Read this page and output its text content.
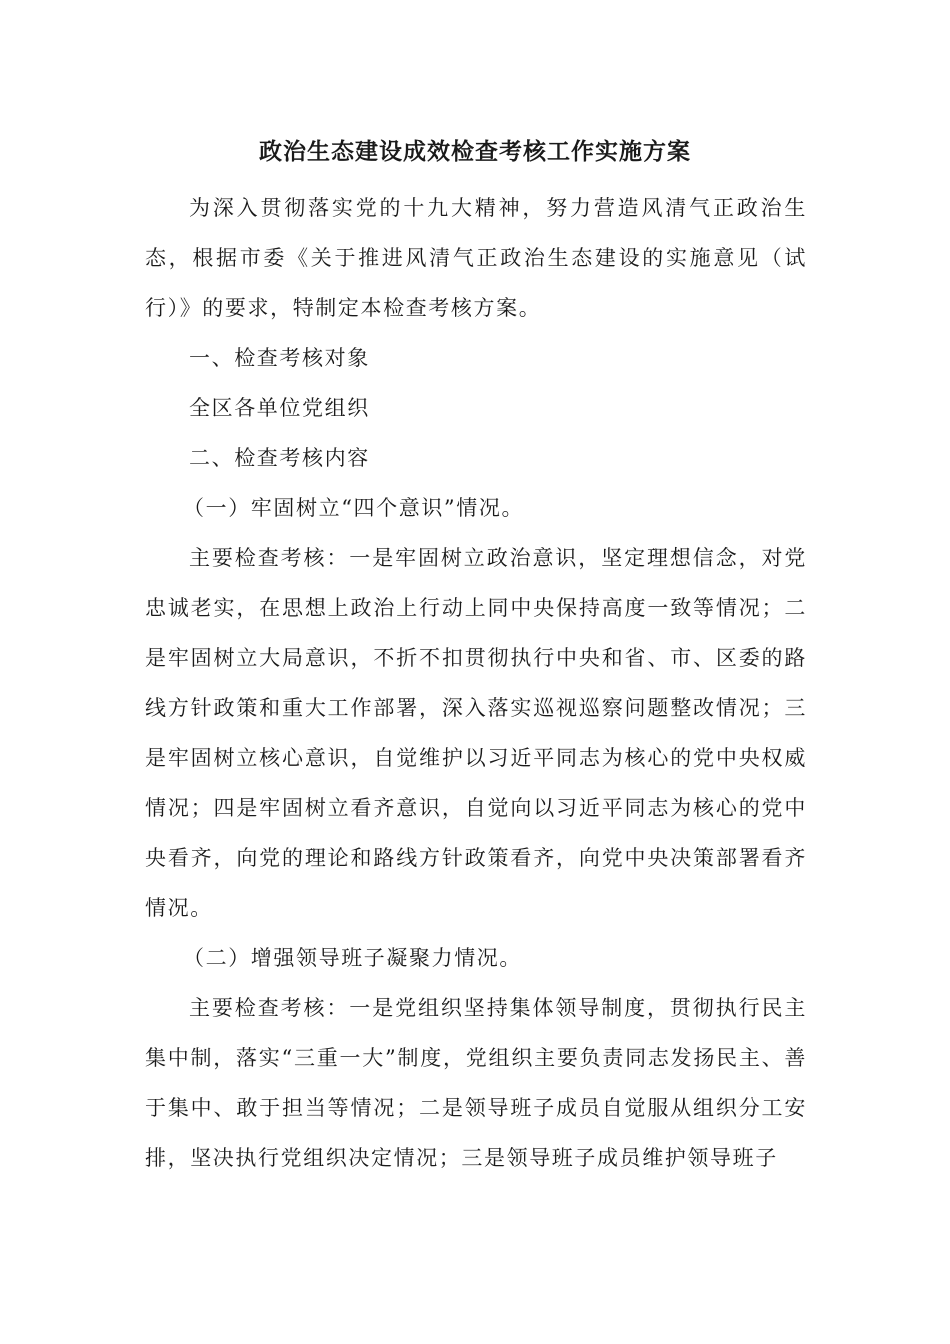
政治生态建设成效检查考核工作实施方案

为深入贯彻落实党的十九大精神，努力营造风清气正政治生态，根据市委《关于推进风清气正政治生态建设的实施意见（试行）》的要求，特制定本检查考核方案。

一、检查考核对象

全区各单位党组织

二、检查考核内容

（一）牢固树立“四个意识”情况。

主要检查考核：一是牢固树立政治意识，坚定理想信念，对党忠诚老实，在思想上政治上行动上同中央保持高度一致等情况；二是牢固树立大局意识，不折不扣贯彻执行中央和省、市、区委的路线方针政策和重大工作部署，深入落实巡视巡察问题整改情况；三是牢固树立核心意识，自觉维护以习近平同志为核心的党中央权威情况；四是牢固树立看齐意识，自觉向以习近平同志为核心的党中央看齐，向党的理论和路线方针政策看齐，向党中央决策部署看齐情况。

（二）增强领导班子凝聚力情况。

主要检查考核：一是党组织坚持集体领导制度，贯彻执行民主集中制，落实“三重一大”制度，党组织主要负责同志发扬民主、善于集中、敢于担当等情况；二是领导班子成员自觉服从组织分工安排，坚决执行党组织决定情况；三是领导班子成员维护领导班子
